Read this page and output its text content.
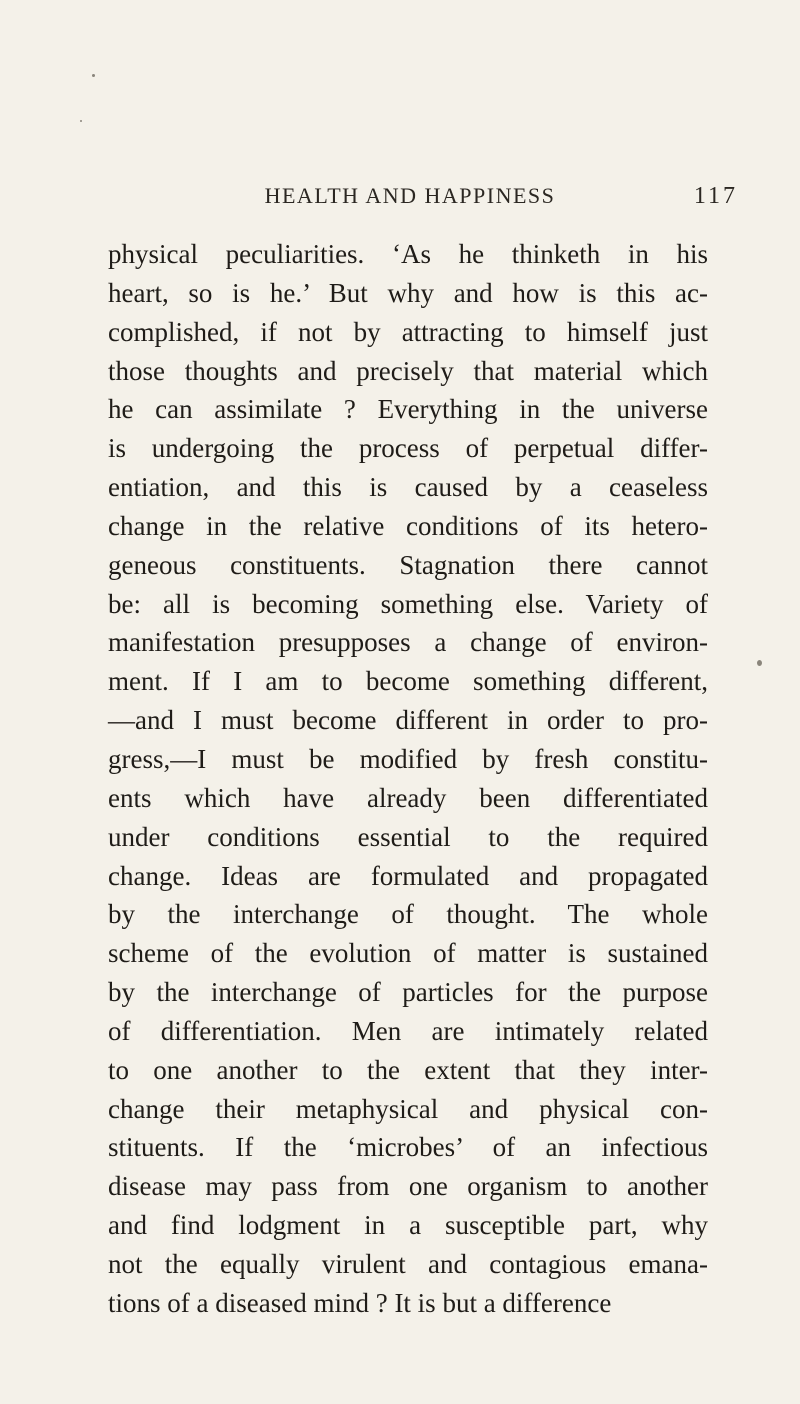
HEALTH AND HAPPINESS	117
physical peculiarities. ‘As he thinketh in his
heart, so is he.’ But why and how is this ac-
complished, if not by attracting to himself just
those thoughts and precisely that material which
he can assimilate ? Everything in the universe
is undergoing the process of perpetual differ-
entiation, and this is caused by a ceaseless
change in the relative conditions of its hetero-
geneous constituents. Stagnation there cannot
be: all is becoming something else. Variety of
manifestation presupposes a change of environ-
ment. If I am to become something different,
—and I must become different in order to pro-
gress,—I must be modified by fresh constitu-
ents which have already been differentiated
under conditions essential to the required
change. Ideas are formulated and propagated
by the interchange of thought. The whole
scheme of the evolution of matter is sustained
by the interchange of particles for the purpose
of differentiation. Men are intimately related
to one another to the extent that they inter-
change their metaphysical and physical con-
stituents. If the ‘microbes’ of an infectious
disease may pass from one organism to another
and find lodgment in a susceptible part, why
not the equally virulent and contagious emana-
tions of a diseased mind ? It is but a difference
